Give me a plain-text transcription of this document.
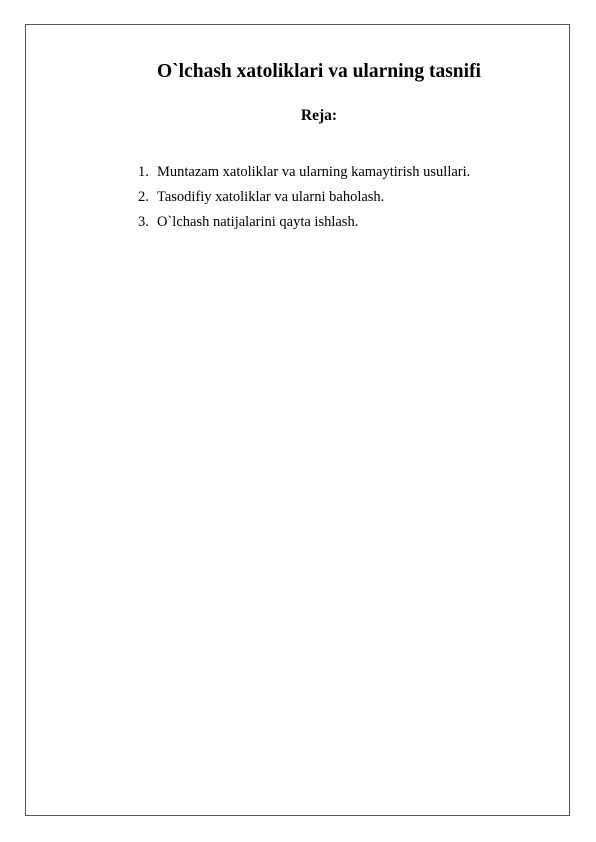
O`lchash xatoliklari va ularning tasnifi
Reja:
1. Muntazam xatoliklar va ularning kamaytirish usullari.
2. Tasodifiy xatoliklar va ularni baholash.
3. O`lchash natijalarini qayta ishlash.
